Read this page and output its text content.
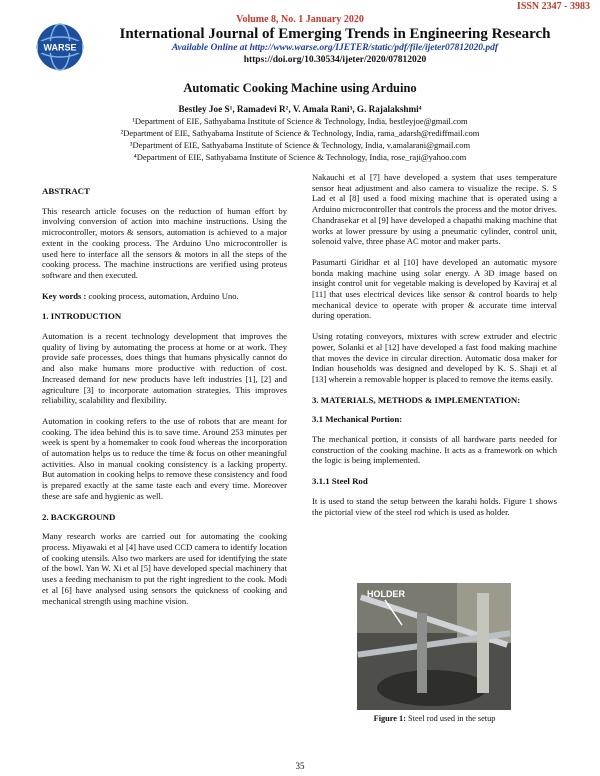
ISSN 2347 - 3983
WARSE
Volume 8, No. 1 January 2020
International Journal of Emerging Trends in Engineering Research
Available Online at http://www.warse.org/IJETER/static/pdf/file/ijeter07812020.pdf
https://doi.org/10.30534/ijeter/2020/07812020
Automatic Cooking Machine using Arduino
Bestley Joe S¹, Ramadevi R², V. Amala Rani³, G. Rajalakshmi⁴
¹Department of EIE, Sathyabama Institute of Science & Technology, India, bestleyjoe@gmail.com
²Department of EIE, Sathyabama Institute of Science & Technology, India, rama_adarsh@rediffmail.com
³Department of EIE, Sathyabama Institute of Science & Technology, India, v.amalarani@gmail.com
⁴Department of EIE, Sathyabama Institute of Science & Technology, India, rose_raji@yahoo.com
ABSTRACT

This research article focuses on the reduction of human effort by involving conversion of action into machine instructions. Using the microcontroller, motors & sensors, automation is achieved to a major extent in the cooking process. The Arduino Uno microcontroller is used here to interface all the sensors & motors in all the steps of the cooking process. The machine instructions are verified using proteus software and then executed.

Key words : cooking process, automation, Arduino Uno.

1. INTRODUCTION

Automation is a recent technology development that improves the quality of living by automating the process at home or at work. They provide safe processes, does things that humans physically cannot do and also make humans more productive with reduction of cost. Increased demand for new products have left industries [1], [2] and agriculture [3] to incorporate automation strategies. This improves reliability, scalability and flexibility.

Automation in cooking refers to the use of robots that are meant for cooking. The idea behind this is to save time. Around 253 minutes per week is spent by a homemaker to cook food whereas the incorporation of automation helps us to reduce the time & focus on other meaningful activities. Also in manual cooking consistency is a lacking property. But automation in cooking helps to remove these consistency and food is prepared exactly at the same taste each and every time. Moreover these are safe and hygienic as well.

2. BACKGROUND

Many research works are carried out for automating the cooking process. Miyawaki et al [4] have used CCD camera to identify location of cooking utensils. Also two markers are used for identifying the state of the bowl. Yan W. Xi et al [5] have developed special machinery that uses a feeding mechanism to put the right ingredient to the cook. Modi et al [6] have analysed using sensors the quickness of cooking and mechanical strength using machine vision.

Nakauchi et al [7] have developed a system that uses temperature sensor heat adjustment and also camera to visualize the recipe. S. S Lad et al [8] used a food mixing machine that is operated using a Arduino microcontroller that controls the process and the motor drives. Chandrasekar et al [9] have developed a chapathi making machine that works at lower pressure by using a pneumatic cylinder, control unit, solenoid valve, three phase AC motor and maker parts.

Pasumarti Giridhar et al [10] have developed an automatic mysore bonda making machine using solar energy. A 3D image based on insight control unit for vegetable making is developed by Kaviraj et al [11] that uses electrical devices like sensor & control boards to help mechanical device to operate with proper & accurate time interval during operation.

Using rotating conveyors, mixtures with screw extruder and electric power, Solanki et al [12] have developed a fast food making machine that moves the device in circular direction. Automatic dosa maker for Indian households was designed and developed by K. S. Shaji et al [13] wherein a removable hopper is placed to remove the items easily.

3. MATERIALS, METHODS & IMPLEMENTATION:
3.1 Mechanical Portion:

The mechanical portion, it consists of all hardware parts needed for construction of the cooking machine. It acts as a framework on which the logic is being implemented.

3.1.1 Steel Rod

It is used to stand the setup between the karahi holds. Figure 1 shows the pictorial view of the steel rod which is used as holder.

HOLDER
Figure 1: Steel rod used in the setup
35
